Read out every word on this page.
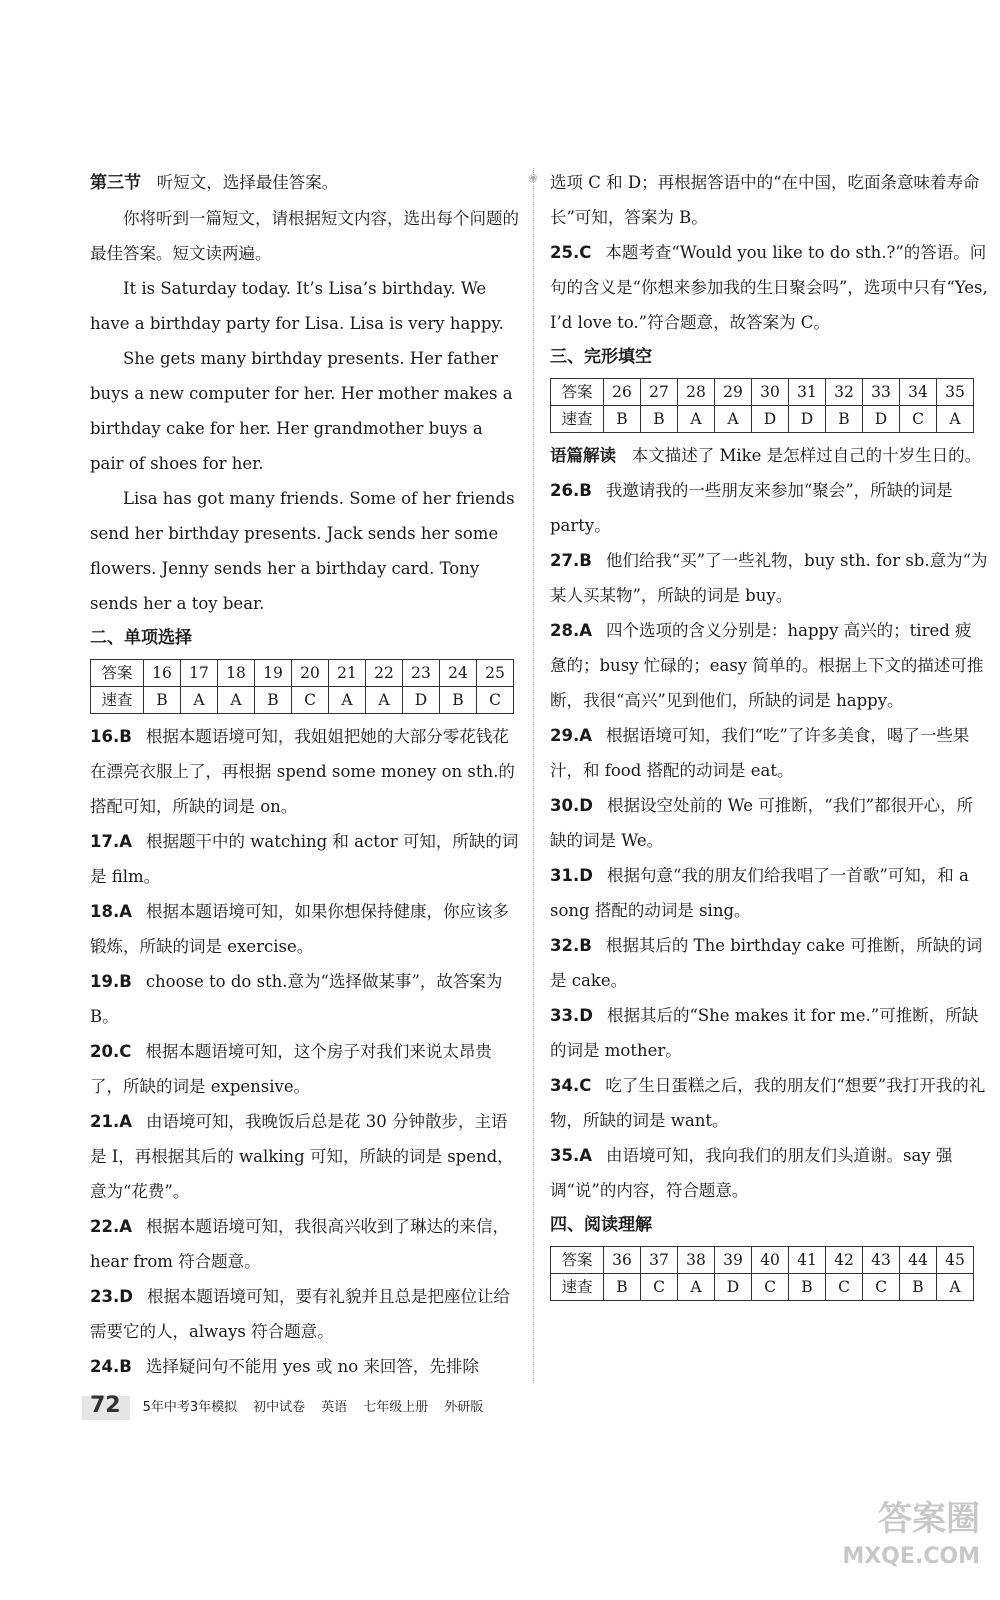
❀

第三节 听短文，选择最佳答案。

你将听到一篇短文，请根据短文内容，选出每个问题的最佳答案。短文读两遍。

It is Saturday today. It’s Lisa’s birthday. We have a birthday party for Lisa. Lisa is very happy.

She gets many birthday presents. Her father buys a new computer for her. Her mother makes a birthday cake for her. Her grandmother buys a pair of shoes for her.

Lisa has got many friends. Some of her friends send her birthday presents. Jack sends her some flowers. Jenny sends her a birthday card. Tony sends her a toy bear.

二、单项选择

答案	16	17	18	19	20	21	22	23	24	25
速查	B	A	A	B	C	A	A	D	B	C

16.B 根据本题语境可知，我姐姐把她的大部分零花钱花在漂亮衣服上了，再根据 spend some money on sth.的搭配可知，所缺的词是 on。

17.A 根据题干中的 watching 和 actor 可知，所缺的词是 film。

18.A 根据本题语境可知，如果你想保持健康，你应该多锻炼，所缺的词是 exercise。

19.B choose to do sth.意为“选择做某事”，故答案为 B。

20.C 根据本题语境可知，这个房子对我们来说太昂贵了，所缺的词是 expensive。

21.A 由语境可知，我晚饭后总是花 30 分钟散步，主语是 I，再根据其后的 walking 可知，所缺的词是 spend，意为“花费”。

22.A 根据本题语境可知，我很高兴收到了琳达的来信，hear from 符合题意。

23.D 根据本题语境可知，要有礼貌并且总是把座位让给需要它的人，always 符合题意。

24.B 选择疑问句不能用 yes 或 no 来回答，先排除

选项 C 和 D；再根据答语中的“在中国，吃面条意味着寿命长”可知，答案为 B。

25.C 本题考查“Would you like to do sth.?”的答语。问句的含义是“你想来参加我的生日聚会吗”，选项中只有“Yes, I’d love to.”符合题意，故答案为 C。

三、完形填空

答案	26	27	28	29	30	31	32	33	34	35
速查	B	B	A	A	D	D	B	D	C	A

语篇解读 本文描述了 Mike 是怎样过自己的十岁生日的。

26.B 我邀请我的一些朋友来参加“聚会”，所缺的词是 party。

27.B 他们给我“买”了一些礼物，buy sth. for sb.意为“为某人买某物”，所缺的词是 buy。

28.A 四个选项的含义分别是：happy 高兴的；tired 疲惫的；busy 忙碌的；easy 简单的。根据上下文的描述可推断，我很“高兴”见到他们，所缺的词是 happy。

29.A 根据语境可知，我们“吃”了许多美食，喝了一些果汁，和 food 搭配的动词是 eat。

30.D 根据设空处前的 We 可推断，“我们”都很开心，所缺的词是 We。

31.D 根据句意“我的朋友们给我唱了一首歌”可知，和 a song 搭配的动词是 sing。

32.B 根据其后的 The birthday cake 可推断，所缺的词是 cake。

33.D 根据其后的“She makes it for me.”可推断，所缺的词是 mother。

34.C 吃了生日蛋糕之后，我的朋友们“想要”我打开我的礼物，所缺的词是 want。

35.A 由语境可知，我向我们的朋友们头道谢。say 强调“说”的内容，符合题意。

四、阅读理解

答案	36	37	38	39	40	41	42	43	44	45
速查	B	C	A	D	C	B	C	C	B	A
72 5年中考3年模拟 初中试卷 英语 七年级上册 外研版
答案圈
MXQE.COM
